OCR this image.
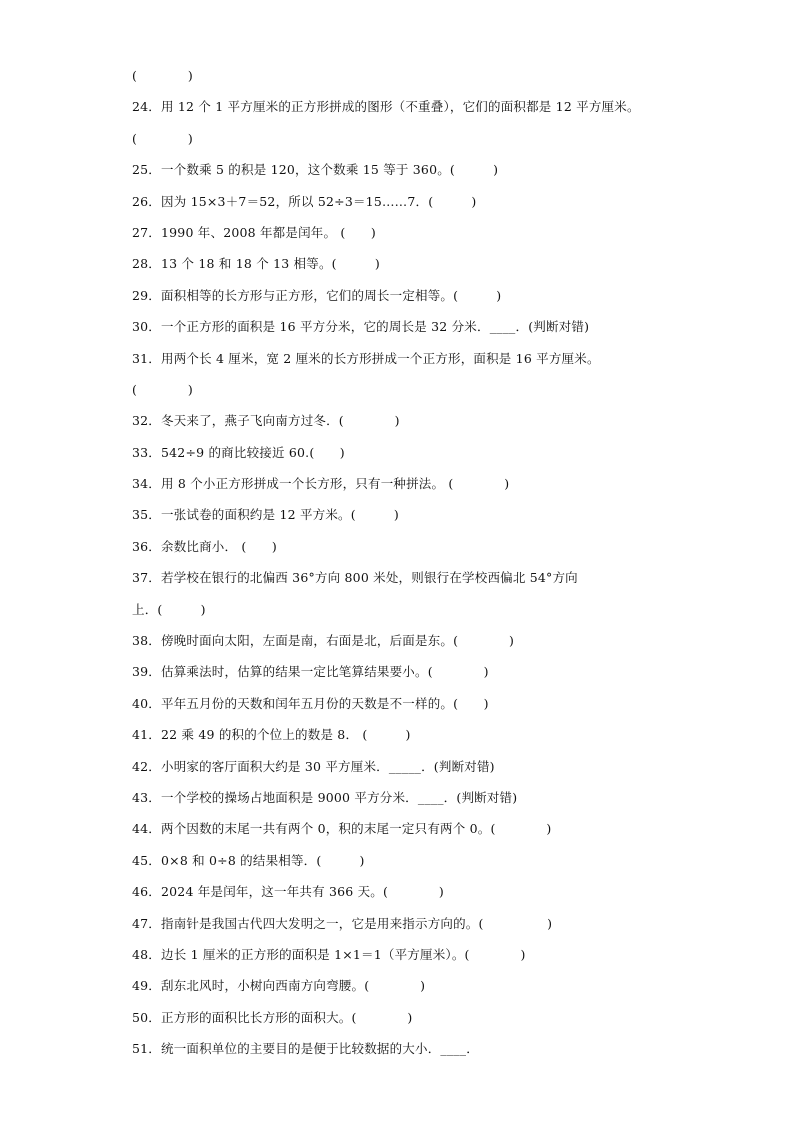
(　　　　)
24．用 12 个 1 平方厘米的正方形拼成的图形（不重叠），它们的面积都是 12 平方厘米。
(　　　　)
25．一个数乘 5 的积是 120，这个数乘 15 等于 360。(　　　)
26．因为 15×3＋7＝52，所以 52÷3＝15……7．(　　　)
27．1990 年、2008 年都是闰年。 (　　)
28．13 个 18 和 18 个 13 相等。(　　　)
29．面积相等的长方形与正方形，它们的周长一定相等。(　　　)
30．一个正方形的面积是 16 平方分米，它的周长是 32 分米．____．(判断对错)
31．用两个长 4 厘米，宽 2 厘米的长方形拼成一个正方形，面积是 16 平方厘米。
(　　　　)
32．冬天来了，燕子飞向南方过冬．(　　　　)
33．542÷9 的商比较接近 60.(　　)
34．用 8 个小正方形拼成一个长方形，只有一种拼法。 (　　　　)
35．一张试卷的面积约是 12 平方米。(　　　)
36．余数比商小． (　　)
37．若学校在银行的北偏西 36°方向 800 米处，则银行在学校西偏北 54°方向
上．(　　　)
38．傍晚时面向太阳，左面是南，右面是北，后面是东。(　　　　)
39．估算乘法时，估算的结果一定比笔算结果要小。(　　　　)
40．平年五月份的天数和闰年五月份的天数是不一样的。(　　)
41．22 乘 49 的积的个位上的数是 8． (　　　)
42．小明家的客厅面积大约是 30 平方厘米．_____．(判断对错)
43．一个学校的操场占地面积是 9000 平方分米．____．(判断对错)
44．两个因数的末尾一共有两个 0，积的末尾一定只有两个 0。(　　　　)
45．0×8 和 0÷8 的结果相等．(　　　)
46．2024 年是闰年，这一年共有 366 天。(　　　　)
47．指南针是我国古代四大发明之一，它是用来指示方向的。(　　　　　)
48．边长 1 厘米的正方形的面积是 1×1＝1（平方厘米）。(　　　　)
49．刮东北风时，小树向西南方向弯腰。(　　　　)
50．正方形的面积比长方形的面积大。(　　　　)
51．统一面积单位的主要目的是便于比较数据的大小．____．
